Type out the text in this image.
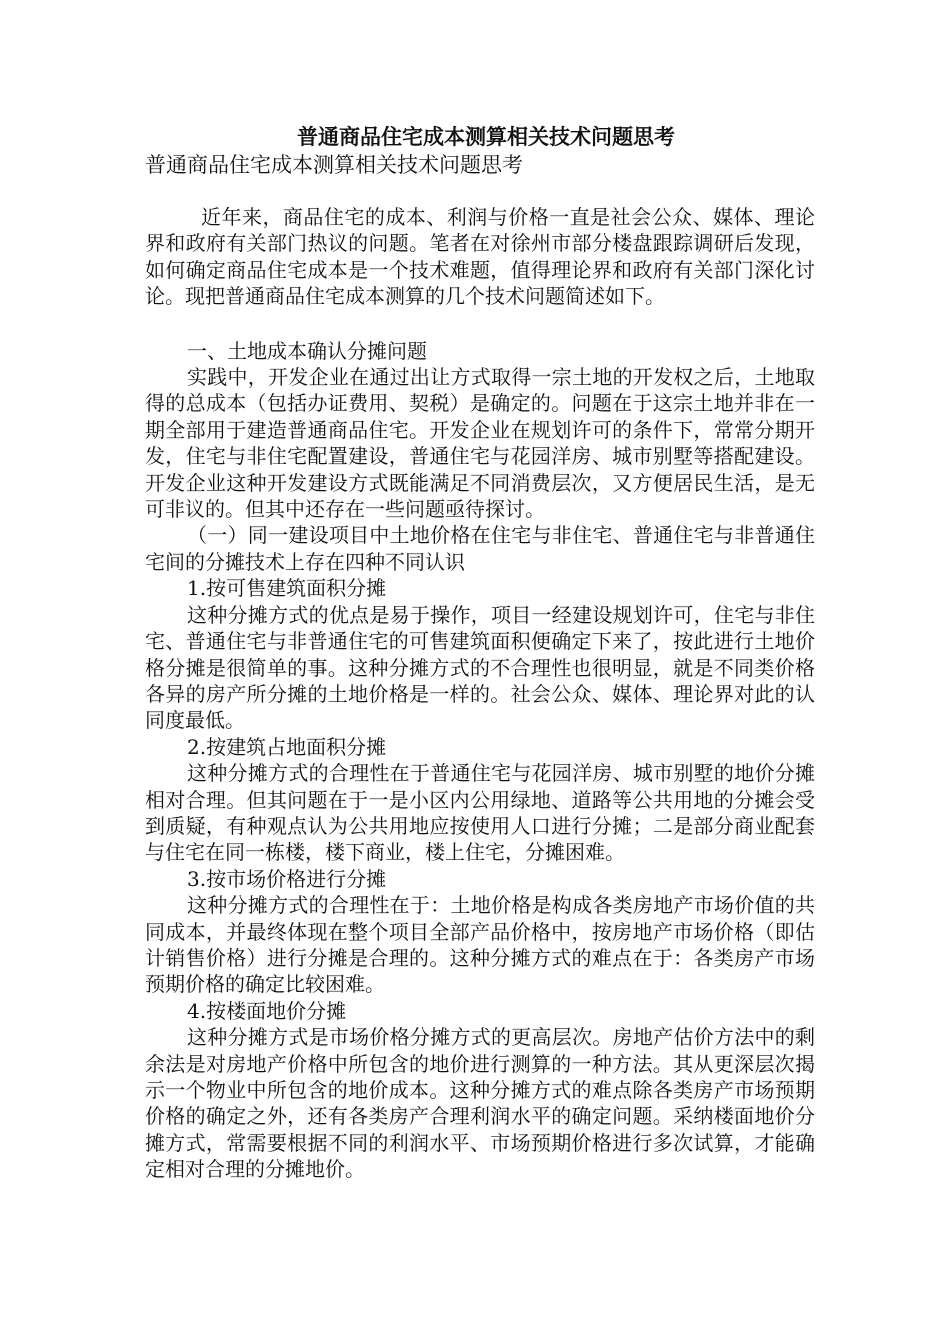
普通商品住宅成本测算相关技术问题思考

普通商品住宅成本测算相关技术问题思考

近年来，商品住宅的成本、利润与价格一直是社会公众、媒体、理论界和政府有关部门热议的问题。笔者在对徐州市部分楼盘跟踪调研后发现，如何确定商品住宅成本是一个技术难题，值得理论界和政府有关部门深化讨论。现把普通商品住宅成本测算的几个技术问题简述如下。

一、土地成本确认分摊问题

实践中，开发企业在通过出让方式取得一宗土地的开发权之后，土地取得的总成本（包括办证费用、契税）是确定的。问题在于这宗土地并非在一期全部用于建造普通商品住宅。开发企业在规划许可的条件下，常常分期开发，住宅与非住宅配置建设，普通住宅与花园洋房、城市别墅等搭配建设。开发企业这种开发建设方式既能满足不同消费层次，又方便居民生活，是无可非议的。但其中还存在一些问题亟待探讨。

（一）同一建设项目中土地价格在住宅与非住宅、普通住宅与非普通住宅间的分摊技术上存在四种不同认识

1.按可售建筑面积分摊

这种分摊方式的优点是易于操作，项目一经建设规划许可，住宅与非住宅、普通住宅与非普通住宅的可售建筑面积便确定下来了，按此进行土地价格分摊是很简单的事。这种分摊方式的不合理性也很明显，就是不同类价格各异的房产所分摊的土地价格是一样的。社会公众、媒体、理论界对此的认同度最低。

2.按建筑占地面积分摊

这种分摊方式的合理性在于普通住宅与花园洋房、城市别墅的地价分摊相对合理。但其问题在于一是小区内公用绿地、道路等公共用地的分摊会受到质疑，有种观点认为公共用地应按使用人口进行分摊；二是部分商业配套与住宅在同一栋楼，楼下商业，楼上住宅，分摊困难。

3.按市场价格进行分摊

这种分摊方式的合理性在于：土地价格是构成各类房地产市场价值的共同成本，并最终体现在整个项目全部产品价格中，按房地产市场价格（即估计销售价格）进行分摊是合理的。这种分摊方式的难点在于：各类房产市场预期价格的确定比较困难。

4.按楼面地价分摊

这种分摊方式是市场价格分摊方式的更高层次。房地产估价方法中的剩余法是对房地产价格中所包含的地价进行测算的一种方法。其从更深层次揭示一个物业中所包含的地价成本。这种分摊方式的难点除各类房产市场预期价格的确定之外，还有各类房产合理利润水平的确定问题。采纳楼面地价分摊方式，常需要根据不同的利润水平、市场预期价格进行多次试算，才能确定相对合理的分摊地价。
